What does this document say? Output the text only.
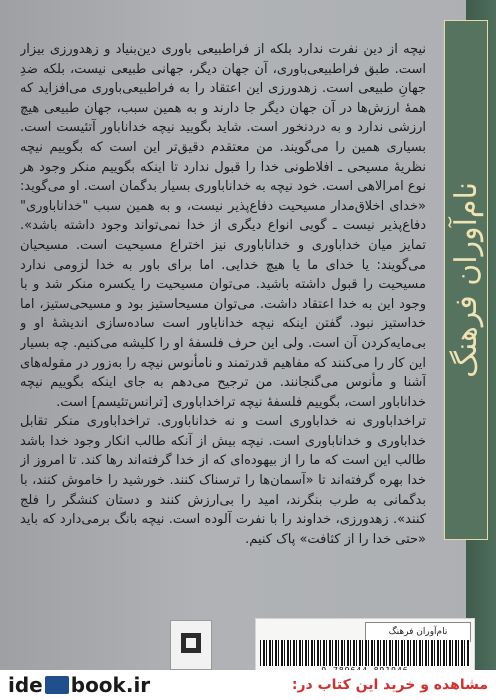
نام‌آوران فرهنگ

نیچه از دین نفرت ندارد بلکه از فراطبیعی باوری دین‌بنیاد و زهدورزی بیزار است. طبق فراطبیعی‌باوری، آن جهان دیگر، جهانی طبیعی نیست، بلکه ضدِ جهانِ طبیعی است. زهدورزی این اعتقاد را به فراطبیعی‌باوری می‌افزاید که همهٔ ارزش‌ها در آن جهان دیگر جا دارند و به همین سبب، جهان طبیعی هیچ ارزشی ندارد و به دردنخور است. شاید بگویید نیچه خداناباور آتئیست است. بسیاری همین را می‌گویند. من معتقدم دقیق‌تر این است که بگوییم نیچه نظریهٔ مسیحی ـ افلاطونی خدا را قبول ندارد تا اینکه بگوییم منکر وجود هر نوع امرالاهی است. خود نیچه به خداناباوری بسیار بدگمان است. او می‌گوید: «خدای اخلاق‌مدار مسیحیت دفاع‌پذیر نیست، و به همین سبب "خداناباوری" دفاع‌پذیر نیست ـ گویی انواع دیگری از خدا نمی‌تواند وجود داشته باشد». تمایز میان خداباوری و خداناباوری نیز اختراع مسیحیت است. مسیحیان می‌گویند: یا خدای ما یا هیچ خدایی. اما برای باور به خدا لزومی ندارد مسیحیت را قبول داشته باشید. می‌توان مسیحیت را یکسره منکر شد و با وجود این به خدا اعتقاد داشت. می‌توان مسیحاستیز بود و مسیحی‌ستیز، اما خداستیز نبود. گفتن اینکه نیچه خداناباور است ساده‌سازی اندیشهٔ او و بی‌مایه‌کردن آن است. ولی این حرف فلسفهٔ او را کلیشه می‌کنیم. چه بسیار این کار را می‌کنند که مفاهیم قدرتمند و نامأنوس نیچه را به‌زور در مقوله‌های آشنا و مأنوس می‌گنجانند. من ترجیح می‌دهم به جای اینکه بگوییم نیچه خداناباور است، بگوییم فلسفهٔ نیچه تراخداباوری [ترانس‌تئیسم] است.

تراخداباوری نه خداباوری است و نه خداناباوری. تراخداباوری منکر تقابل خداباوری و خداناباوری است. نیچه بیش از آنکه طالب انکار وجود خدا باشد طالب این است که ما را از بیهوده‌ای که از خدا گرفته‌اند رها کند. تا امروز از خدا بهره گرفته‌اند تا «آسمان‌ها را ترسناک کنند. خورشید را خاموش کنند، با بدگمانی به طرب بنگرند، امید را بی‌ارزش کنند و دستان کنشگر را فلج کنند». زهدورزی، خداوند را با نفرت آلوده است. نیچه بانگ برمی‌دارد که باید «حتی خدا را از کثافت» پاک کنیم.

نام‌آوران فرهنگ
ide book.ir	مشاهده و خرید این کتاب در:
